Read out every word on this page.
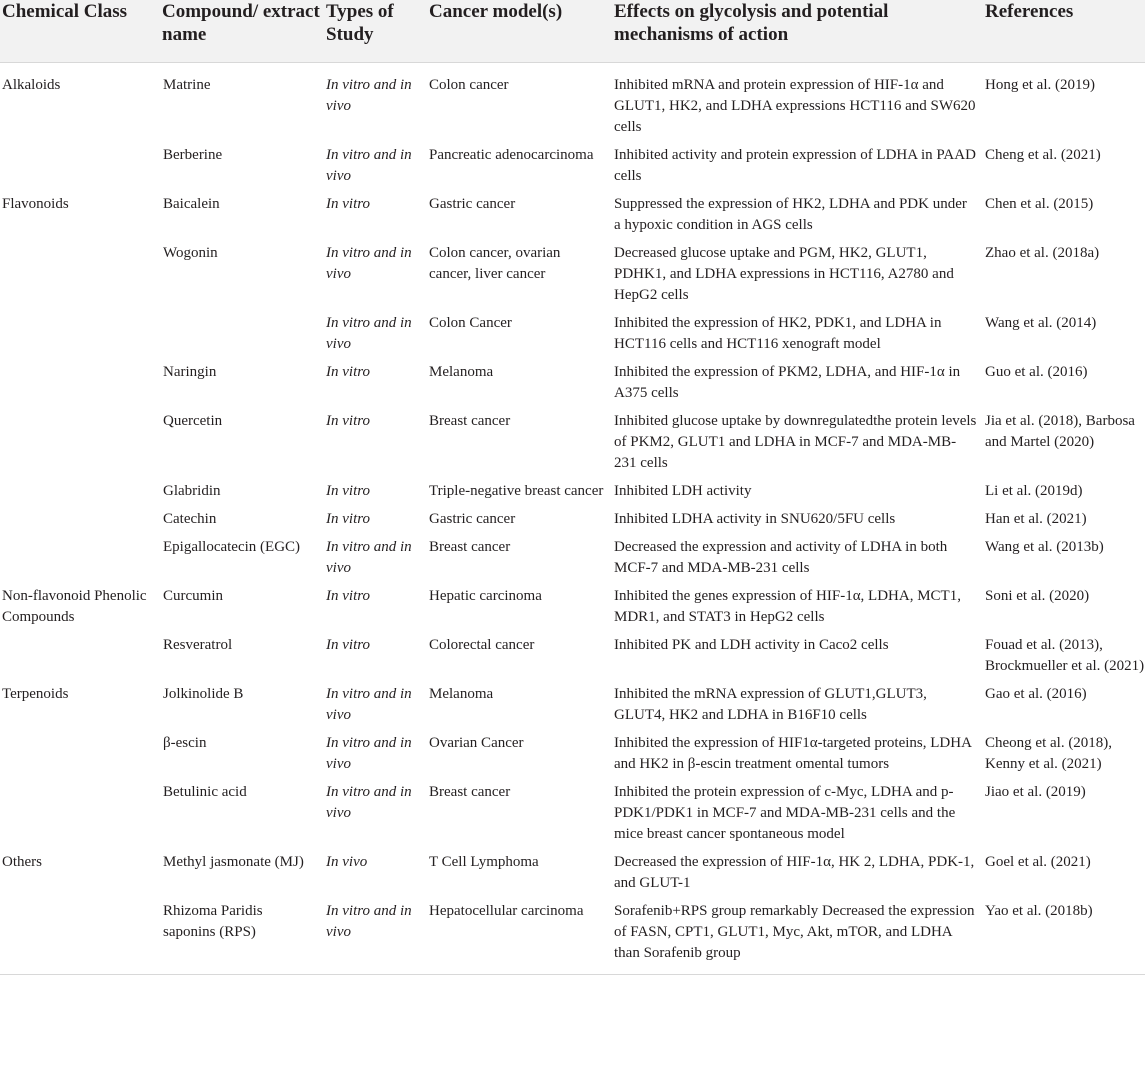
Chemical Class	Compound/ extract name	Types of Study	Cancer model(s)	Effects on glycolysis and potential mechanisms of action	References

Alkaloids	Matrine	In vitro and in vivo	Colon cancer	Inhibited mRNA and protein expression of HIF-1α and GLUT1, HK2, and LDHA expressions HCT116 and SW620 cells	Hong et al. (2019)
	Berberine	In vitro and in vivo	Pancreatic adenocarcinoma	Inhibited activity and protein expression of LDHA in PAAD cells	Cheng et al. (2021)
Flavonoids	Baicalein	In vitro	Gastric cancer	Suppressed the expression of HK2, LDHA and PDK under a hypoxic condition in AGS cells	Chen et al. (2015)
	Wogonin	In vitro and in vivo	Colon cancer, ovarian cancer, liver cancer	Decreased glucose uptake and PGM, HK2, GLUT1, PDHK1, and LDHA expressions in HCT116, A2780 and HepG2 cells	Zhao et al. (2018a)
		In vitro and in vivo	Colon Cancer	Inhibited the expression of HK2, PDK1, and LDHA in HCT116 cells and HCT116 xenograft model	Wang et al. (2014)
	Naringin	In vitro	Melanoma	Inhibited the expression of PKM2, LDHA, and HIF-1α in A375 cells	Guo et al. (2016)
	Quercetin	In vitro	Breast cancer	Inhibited glucose uptake by downregulatedthe protein levels of PKM2, GLUT1 and LDHA in MCF-7 and MDA-MB-231 cells	Jia et al. (2018), Barbosa and Martel (2020)
	Glabridin	In vitro	Triple-negative breast cancer	Inhibited LDH activity	Li et al. (2019d)
	Catechin	In vitro	Gastric cancer	Inhibited LDHA activity in SNU620/5FU cells	Han et al. (2021)
	Epigallocatecin (EGC)	In vitro and in vivo	Breast cancer	Decreased the expression and activity of LDHA in both MCF-7 and MDA-MB-231 cells	Wang et al. (2013b)
Non-flavonoid Phenolic Compounds	Curcumin	In vitro	Hepatic carcinoma	Inhibited the genes expression of HIF-1α, LDHA, MCT1, MDR1, and STAT3 in HepG2 cells	Soni et al. (2020)
	Resveratrol	In vitro	Colorectal cancer	Inhibited PK and LDH activity in Caco2 cells	Fouad et al. (2013), Brockmueller et al. (2021)
Terpenoids	Jolkinolide B	In vitro and in vivo	Melanoma	Inhibited the mRNA expression of GLUT1,GLUT3, GLUT4, HK2 and LDHA in B16F10 cells	Gao et al. (2016)
	β-escin	In vitro and in vivo	Ovarian Cancer	Inhibited the expression of HIF1α-targeted proteins, LDHA and HK2 in β-escin treatment omental tumors	Cheong et al. (2018), Kenny et al. (2021)
	Betulinic acid	In vitro and in vivo	Breast cancer	Inhibited the protein expression of c-Myc, LDHA and p-PDK1/PDK1 in MCF-7 and MDA-MB-231 cells and the mice breast cancer spontaneous model	Jiao et al. (2019)
Others	Methyl jasmonate (MJ)	In vivo	T Cell Lymphoma	Decreased the expression of HIF-1α, HK 2, LDHA, PDK-1, and GLUT-1	Goel et al. (2021)
	Rhizoma Paridis saponins (RPS)	In vitro and in vivo	Hepatocellular carcinoma	Sorafenib+RPS group remarkably Decreased the expression of FASN, CPT1, GLUT1, Myc, Akt, mTOR, and LDHA than Sorafenib group	Yao et al. (2018b)
